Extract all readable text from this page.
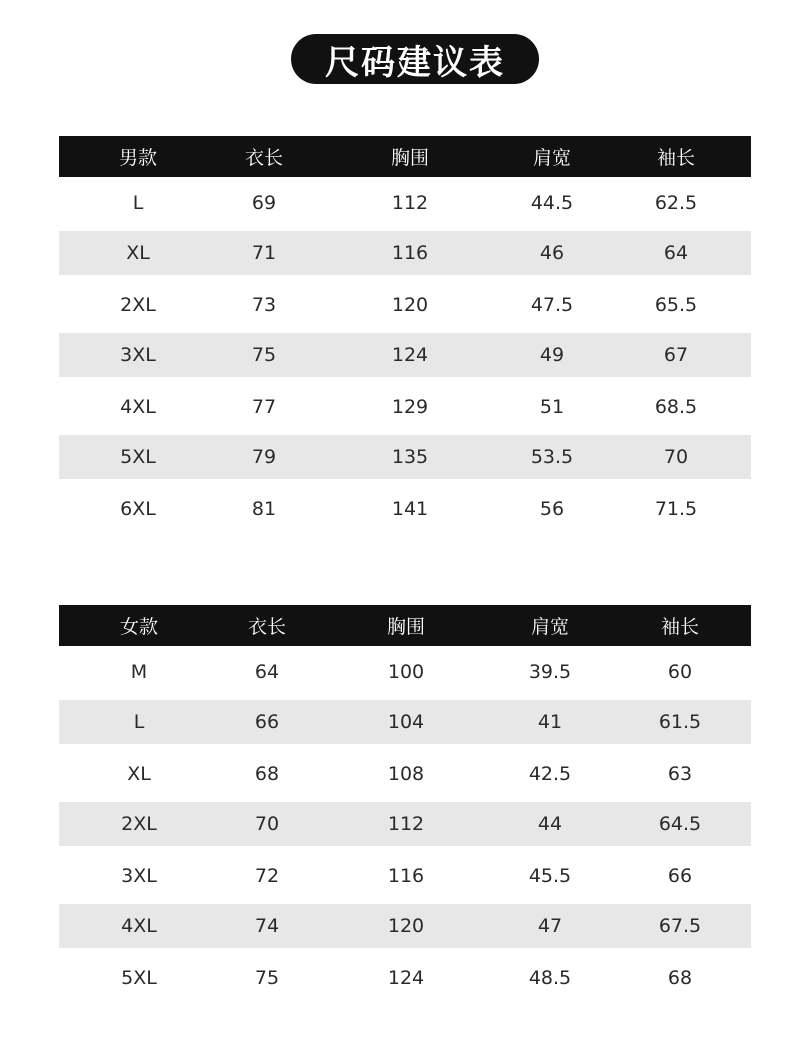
尺码建议表
男款	衣长	胸围	肩宽	袖长
L	69	112	44.5	62.5
XL	71	116	46	64
2XL	73	120	47.5	65.5
3XL	75	124	49	67
4XL	77	129	51	68.5
5XL	79	135	53.5	70
6XL	81	141	56	71.5
女款	衣长	胸围	肩宽	袖长
M	64	100	39.5	60
L	66	104	41	61.5
XL	68	108	42.5	63
2XL	70	112	44	64.5
3XL	72	116	45.5	66
4XL	74	120	47	67.5
5XL	75	124	48.5	68
